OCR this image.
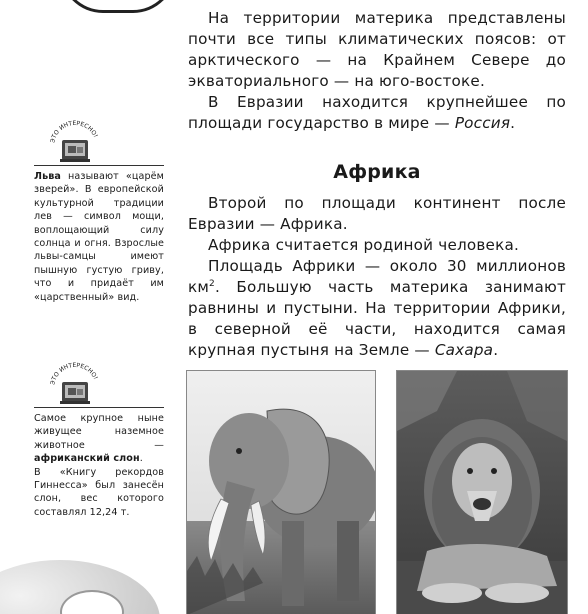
На территории материка представлены почти все типы климатических поясов: от арктического — на Крайнем Севере до экваториального — на юго-востоке.

В Евразии находится крупнейшее по площади государство в мире — Россия.

Африка

Второй по площади континент после Евразии — Африка.

Африка считается родиной человека.

Площадь Африки — около 30 миллионов $км^2$. Большую часть материка занимают равнины и пустыни. На территории Африки, в северной её части, находится самая крупная пустыня на Земле — Сахара.

ЭТО ИНТЕРЕСНО!

Льва называют «царём зверей». В европейской культурной традиции лев — символ мощи, воплощающий силу солнца и огня. Взрослые львы-самцы имеют пышную густую гриву, что и придаёт им «царственный» вид.

ЭТО ИНТЕРЕСНО!

Самое крупное ныне живущее наземное животное — африканский слон.

В «Книгу рекордов Гиннесса» был занесён слон, вес которого составлял 12,24 т.
